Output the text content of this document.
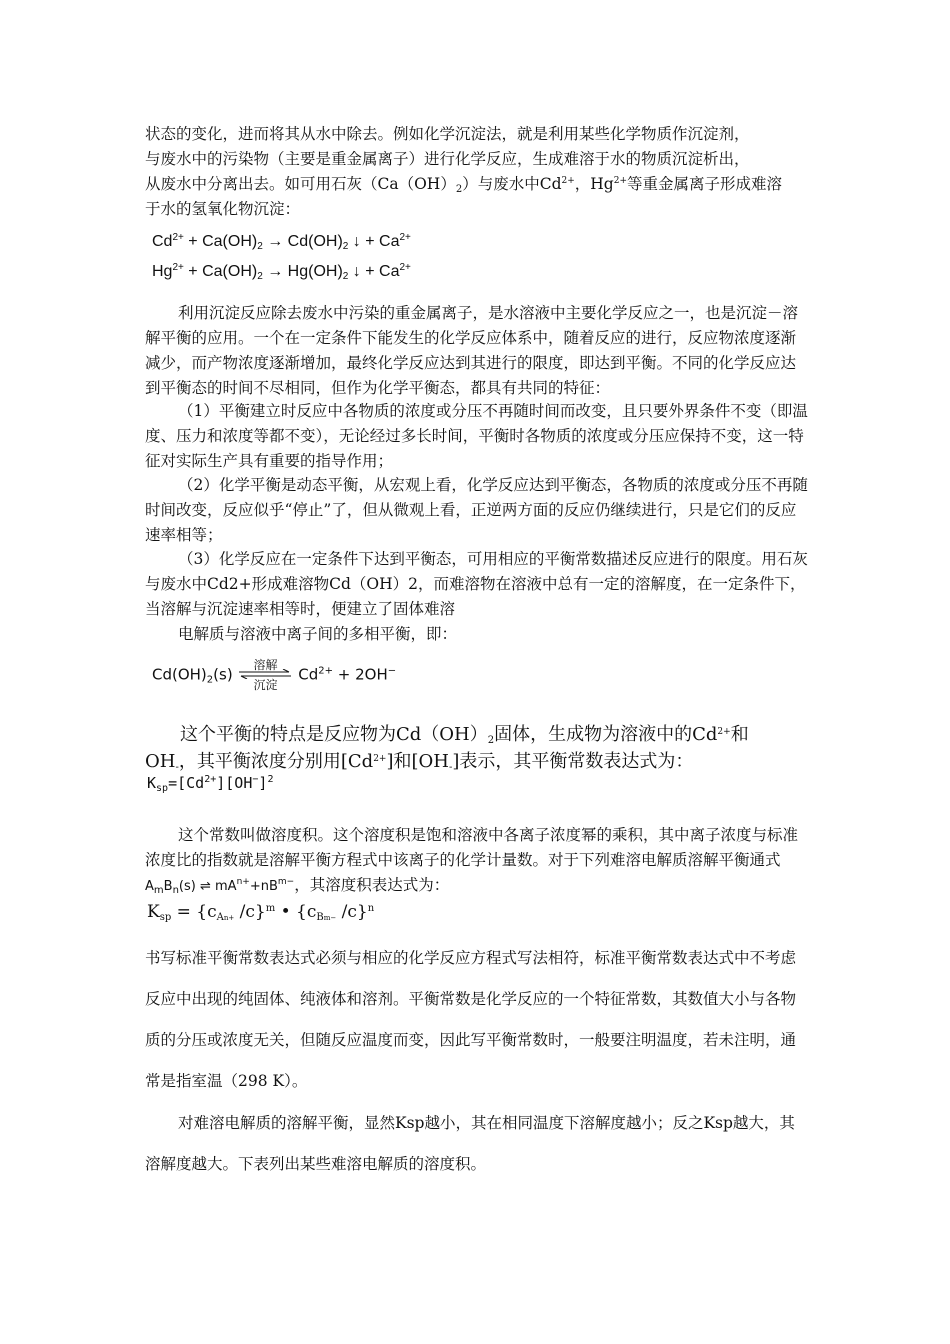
状态的变化，进而将其从水中除去。例如化学沉淀法，就是利用某些化学物质作沉淀剂，
与废水中的污染物（主要是重金属离子）进行化学反应，生成难溶于水的物质沉淀析出，
从废水中分离出去。如可用石灰$(Ca(OH)_2)$与废水中$Cd^{2+}$，$Hg^{2+}$等重金属离子形成难溶
于水的氢氧化物沉淀：
$Cd^{2+} + Ca(OH)_2 \to Cd(OH)_2$ ↓ + $Ca^{2+}$
$Hg^{2+} + Ca(OH)_2 \to Hg(OH)_2$ ↓ + $Ca^{2+}$

利用沉淀反应除去废水中污染的重金属离子，是水溶液中主要化学反应之一，也是沉淀－溶解平衡的应用。一个在一定条件下能发生的化学反应体系中，随着反应的进行，反应物浓度逐渐减少，而产物浓度逐渐增加，最终化学反应达到其进行的限度，即达到平衡。不同的化学反应达到平衡态的时间不尽相同，但作为化学平衡态，都具有共同的特征：

（1）平衡建立时反应中各物质的浓度或分压不再随时间而改变，且只要外界条件不变（即温度、压力和浓度等都不变），无论经过多长时间，平衡时各物质的浓度或分压应保持不变，这一特征对实际生产具有重要的指导作用；

（2）化学平衡是动态平衡，从宏观上看，化学反应达到平衡态，各物质的浓度或分压不再随时间改变，反应似乎“停止”了，但从微观上看，正逆两方面的反应仍继续进行，只是它们的反应速率相等；

（3）化学反应在一定条件下达到平衡态，可用相应的平衡常数描述反应进行的限度。用石灰与废水中Cd2+形成难溶物Cd（OH）2，而难溶物在溶液中总有一定的溶解度，在一定条件下，当溶解与沉淀速率相等时，便建立了固体难溶

电解质与溶液中离子间的多相平衡，即：

$Cd(OH)_2(s)$
溶解
沉淀
$Cd^{2+} + 2OH^-$
这个平衡的特点是反应物为$Cd(OH)_2$固体，生成物为溶液中的$Cd^{2+}$和
$OH_-$，其平衡浓度分别用$[Cd^{2+}]$和$[OH_-]$表示，其平衡常数表达式为：
$K_{sp}=[Cd^{2+}][OH^-]^2$
这个常数叫做溶度积。这个溶度积是饱和溶液中各离子浓度幂的乘积，其中离子浓度与标准浓度比的指数就是溶解平衡方程式中该离子的化学计量数。对于下列难溶电解质溶解平衡通式 $A_mB_n(s)$ ⇌ $mA^{n+}+nB^{m-}$，其溶度积表达式为：
$K_{sp} = \{c_{An+}$ /c}$^m$ • {$c_{Bm-}$ /c}$^n$

书写标准平衡常数表达式必须与相应的化学反应方程式写法相符，标准平衡常数表达式中不考虑反应中出现的纯固体、纯液体和溶剂。平衡常数是化学反应的一个特征常数，其数值大小与各物质的分压或浓度无关，但随反应温度而变，因此写平衡常数时，一般要注明温度，若未注明，通常是指室温（298 K）。

对难溶电解质的溶解平衡，显然Ksp越小，其在相同温度下溶解度越小；反之Ksp越大，其溶解度越大。下表列出某些难溶电解质的溶度积。
